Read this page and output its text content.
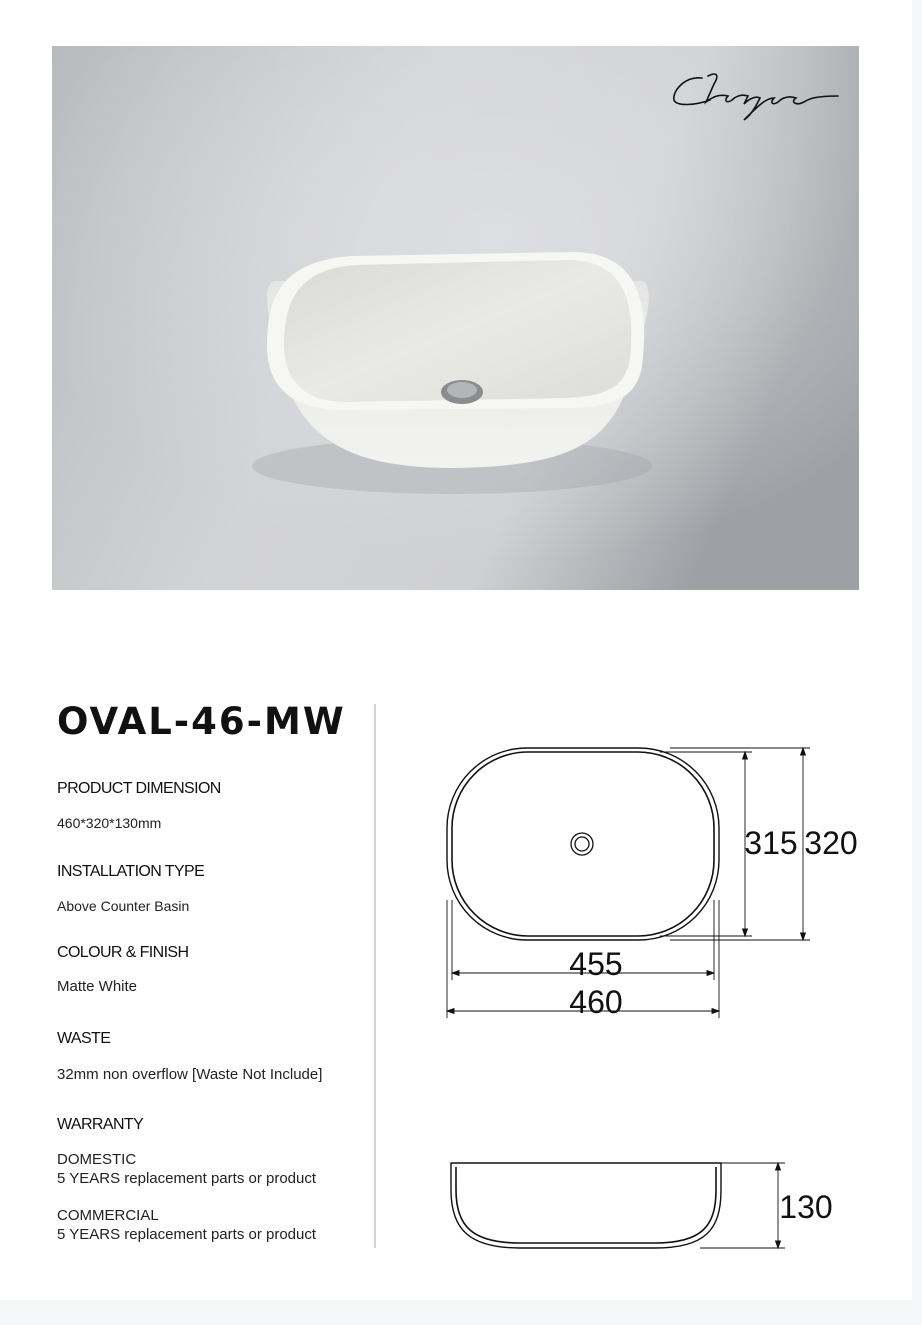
OVAL-46-MW

PRODUCT DIMENSION

460*320*130mm

INSTALLATION TYPE

Above Counter Basin

COLOUR & FINISH

Matte White

WASTE

32mm non overflow [Waste Not Include]

WARRANTY

DOMESTIC

5 YEARS replacement parts or product

COMMERCIAL

5 YEARS replacement parts or product

455
460
315 320
130
